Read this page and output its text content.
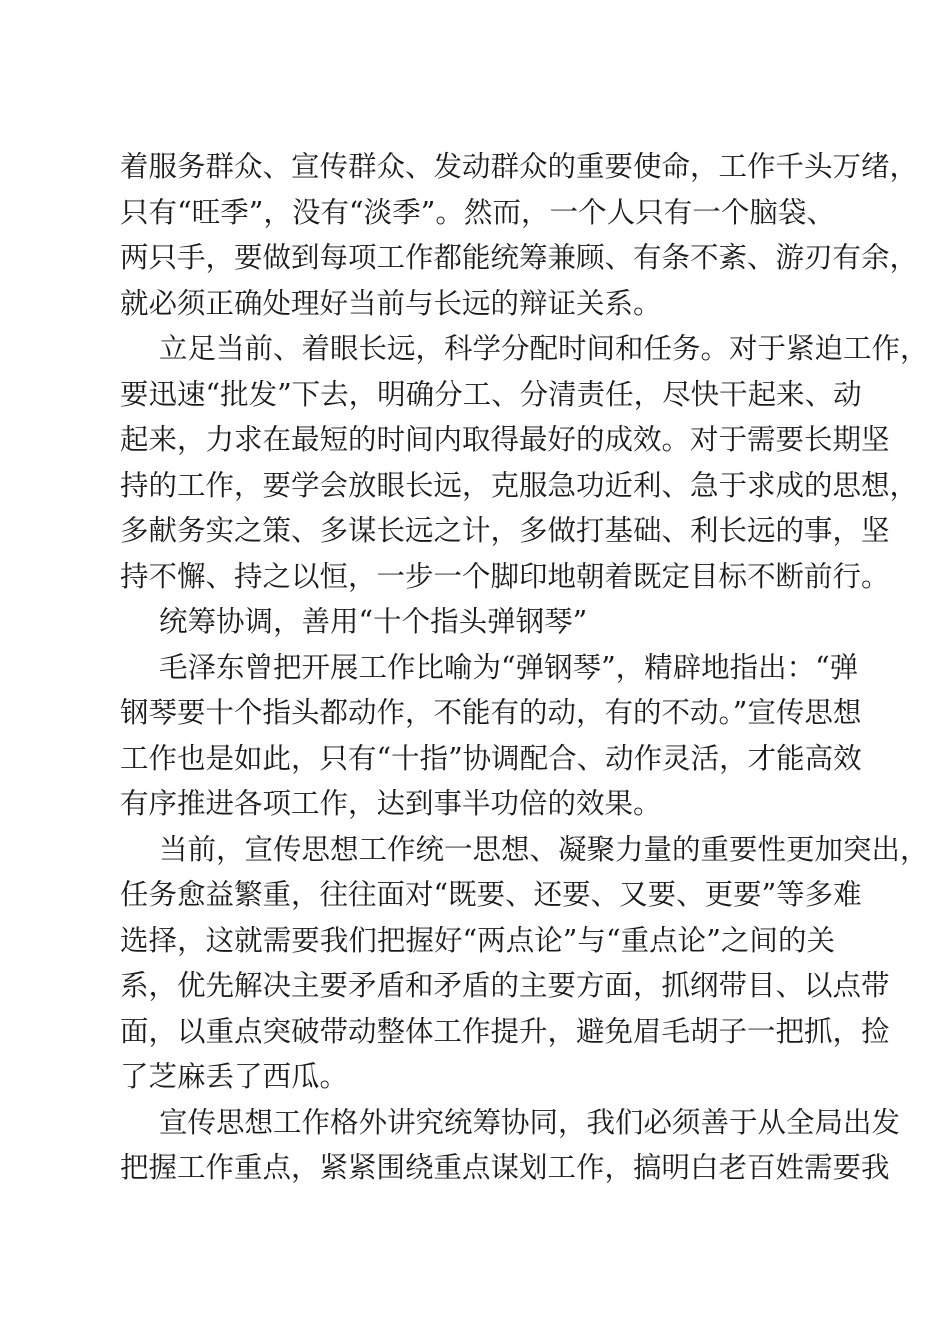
着服务群众、宣传群众、发动群众的重要使命，工作千头万绪，
只有“旺季”，没有“淡季”。然而，一个人只有一个脑袋、
两只手，要做到每项工作都能统筹兼顾、有条不紊、游刃有余，
就必须正确处理好当前与长远的辩证关系。
立足当前、着眼长远，科学分配时间和任务。对于紧迫工作，
要迅速“批发”下去，明确分工、分清责任，尽快干起来、动
起来，力求在最短的时间内取得最好的成效。对于需要长期坚
持的工作，要学会放眼长远，克服急功近利、急于求成的思想，
多献务实之策、多谋长远之计，多做打基础、利长远的事，坚
持不懈、持之以恒，一步一个脚印地朝着既定目标不断前行。
统筹协调，善用“十个指头弹钢琴”
毛泽东曾把开展工作比喻为“弹钢琴”，精辟地指出：“弹
钢琴要十个指头都动作，不能有的动，有的不动。”宣传思想
工作也是如此，只有“十指”协调配合、动作灵活，才能高效
有序推进各项工作，达到事半功倍的效果。
当前，宣传思想工作统一思想、凝聚力量的重要性更加突出，
任务愈益繁重，往往面对“既要、还要、又要、更要”等多难
选择，这就需要我们把握好“两点论”与“重点论”之间的关
系，优先解决主要矛盾和矛盾的主要方面，抓纲带目、以点带
面，以重点突破带动整体工作提升，避免眉毛胡子一把抓，捡
了芝麻丢了西瓜。
宣传思想工作格外讲究统筹协同，我们必须善于从全局出发
把握工作重点，紧紧围绕重点谋划工作，搞明白老百姓需要我
